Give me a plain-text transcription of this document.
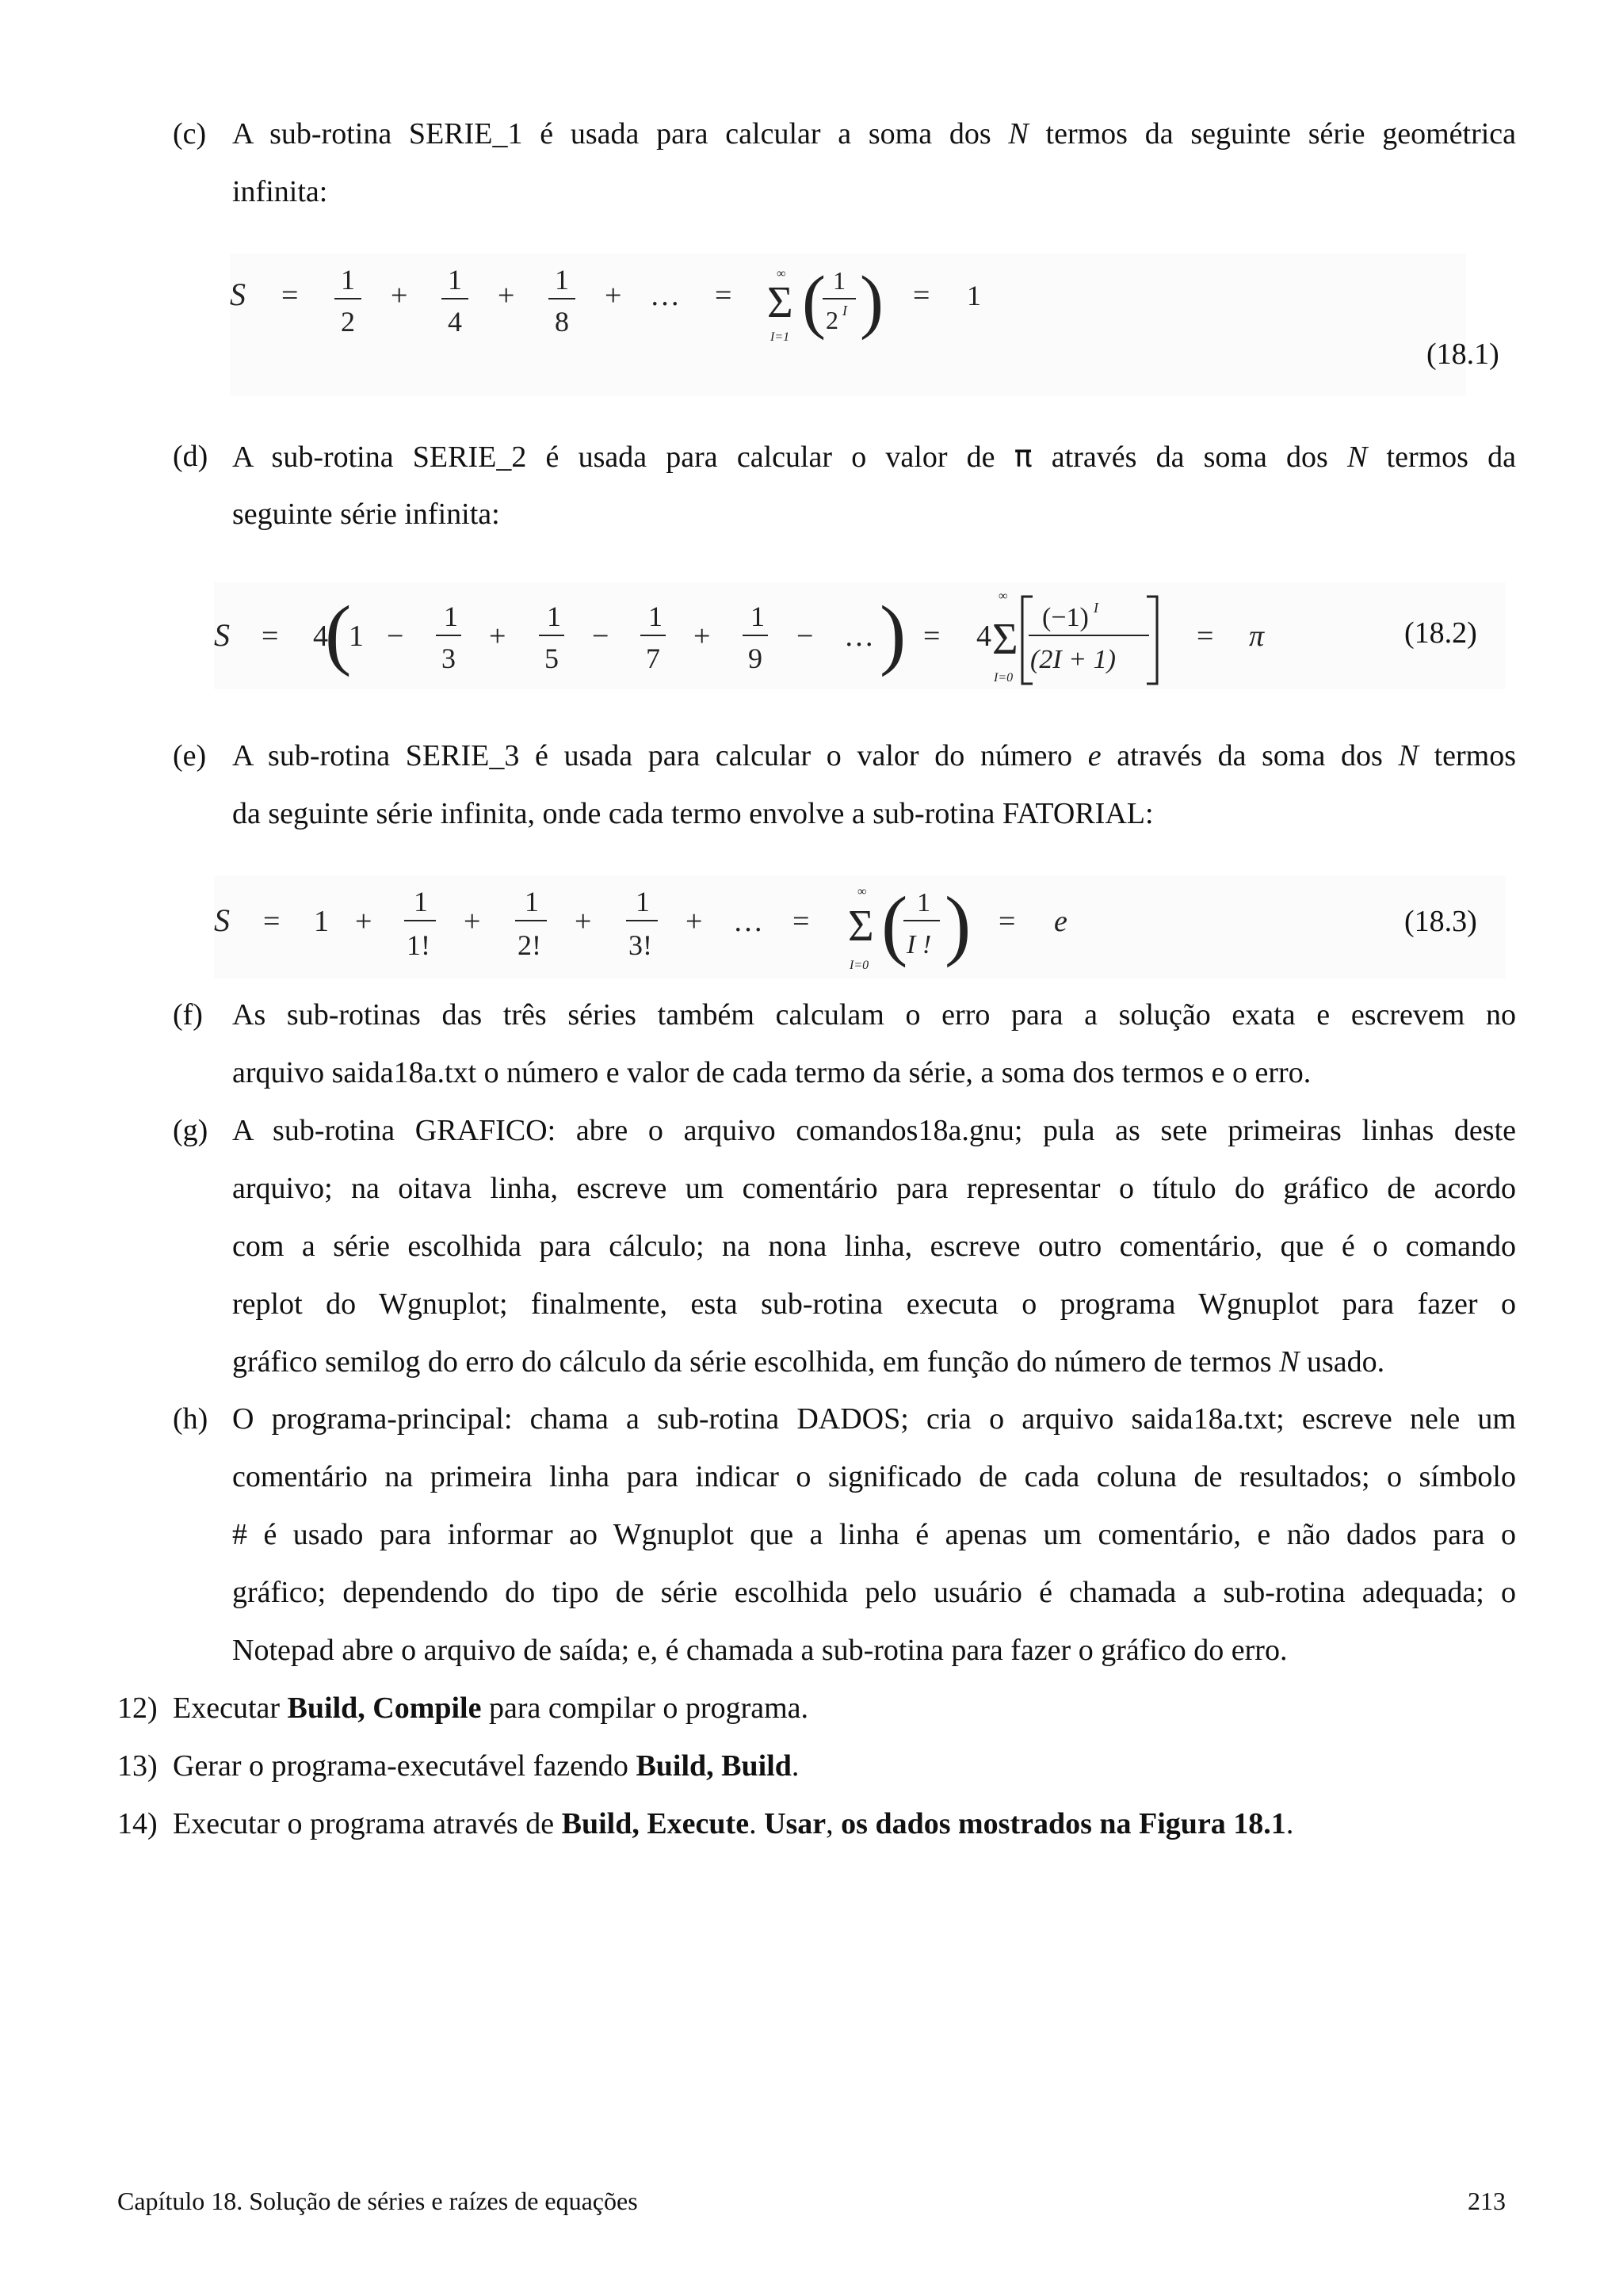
(c) A sub-rotina SERIE_1 é usada para calcular a soma dos N termos da seguinte série geométrica
infinita:
S = 1
2
+ 1
4
+ 1
8
+ … =
∞
Σ
I=1 ( 1
2 I ) = 1
(18.1)
(d) A sub-rotina SERIE_2 é usada para calcular o valor de π através da soma dos N termos da
seguinte série infinita:
S = 4
(
1 −
1
3
+
1
5
−
1
7
+
1
9
− … ) = 4
∞
Σ
I=0
(−1) I
(2I + 1)
= π	(18.2)
(e) A sub-rotina SERIE_3 é usada para calcular o valor do número e através da soma dos N termos
da seguinte série infinita, onde cada termo envolve a sub-rotina FATORIAL:
S = 1 +
1
1!
+
1
2!
+
1
3!
+ … =
∞
Σ
I=0 ( 1
I ! ) = e	(18.3)
(f) As sub-rotinas das três séries também calculam o erro para a solução exata e escrevem no
arquivo saida18a.txt o número e valor de cada termo da série, a soma dos termos e o erro.
(g) A sub-rotina GRAFICO: abre o arquivo comandos18a.gnu; pula as sete primeiras linhas deste
arquivo; na oitava linha, escreve um comentário para representar o título do gráfico de acordo
com a série escolhida para cálculo; na nona linha, escreve outro comentário, que é o comando
replot do Wgnuplot; finalmente, esta sub-rotina executa o programa Wgnuplot para fazer o
gráfico semilog do erro do cálculo da série escolhida, em função do número de termos N usado.
(h) O programa-principal: chama a sub-rotina DADOS; cria o arquivo saida18a.txt; escreve nele um
comentário na primeira linha para indicar o significado de cada coluna de resultados; o símbolo
# é usado para informar ao Wgnuplot que a linha é apenas um comentário, e não dados para o
gráfico; dependendo do tipo de série escolhida pelo usuário é chamada a sub-rotina adequada; o
Notepad abre o arquivo de saída; e, é chamada a sub-rotina para fazer o gráfico do erro.
12) Executar Build, Compile para compilar o programa.
13) Gerar o programa-executável fazendo Build, Build.
14) Executar o programa através de Build, Execute. Usar, os dados mostrados na Figura 18.1.
Capítulo 18. Solução de séries e raízes de equações	213
